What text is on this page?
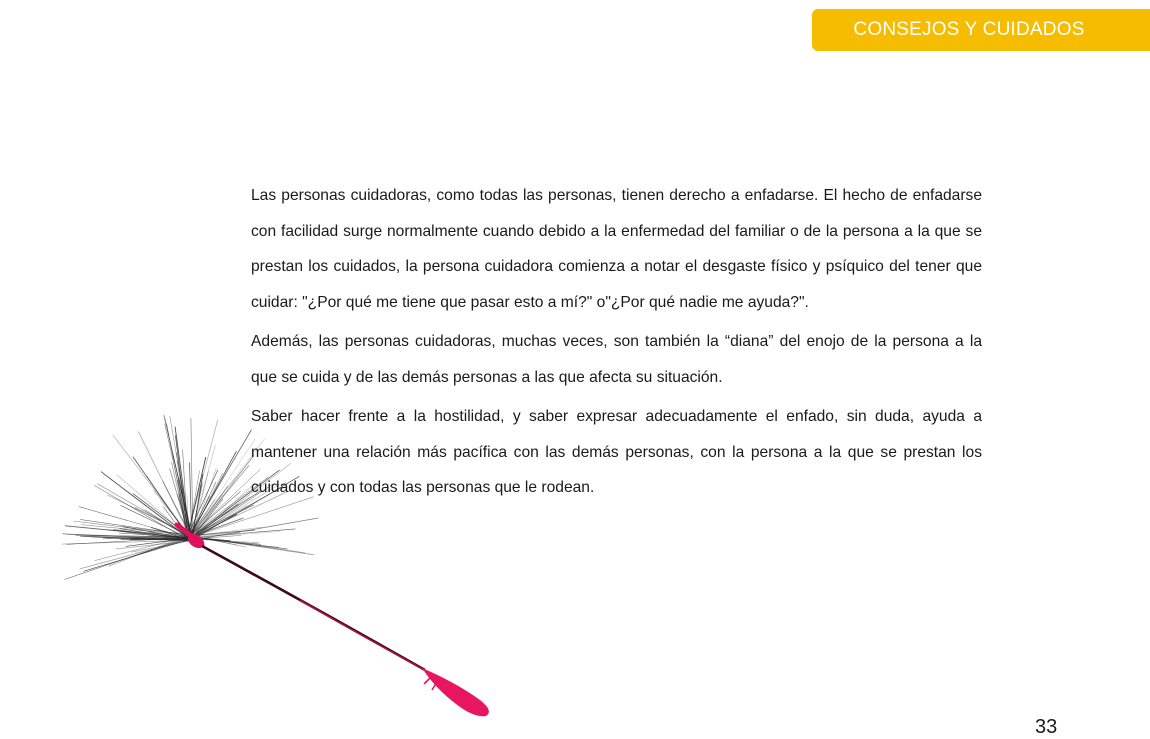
CONSEJOS Y CUIDADOS

Las personas cuidadoras, como todas las personas, tienen derecho a enfadarse. El hecho de enfadarse con facilidad surge normalmente cuando debido a la enfermedad del familiar o de la persona a la que se prestan los cuidados, la persona cuidadora comienza a notar el desgaste físico y psíquico del tener que cuidar: "¿Por qué me tiene que pasar esto a mí?" o"¿Por qué nadie me ayuda?".

Además, las personas cuidadoras, muchas veces, son también la “diana” del enojo de la persona a la que se cuida y de las demás personas a las que afecta su situación.

Saber hacer frente a la hostilidad, y saber expresar adecuadamente el enfado, sin duda, ayuda a mantener una relación más pacífica con las demás personas, con la persona a la que se prestan los cuidados y con todas las personas que le rodean.

33
